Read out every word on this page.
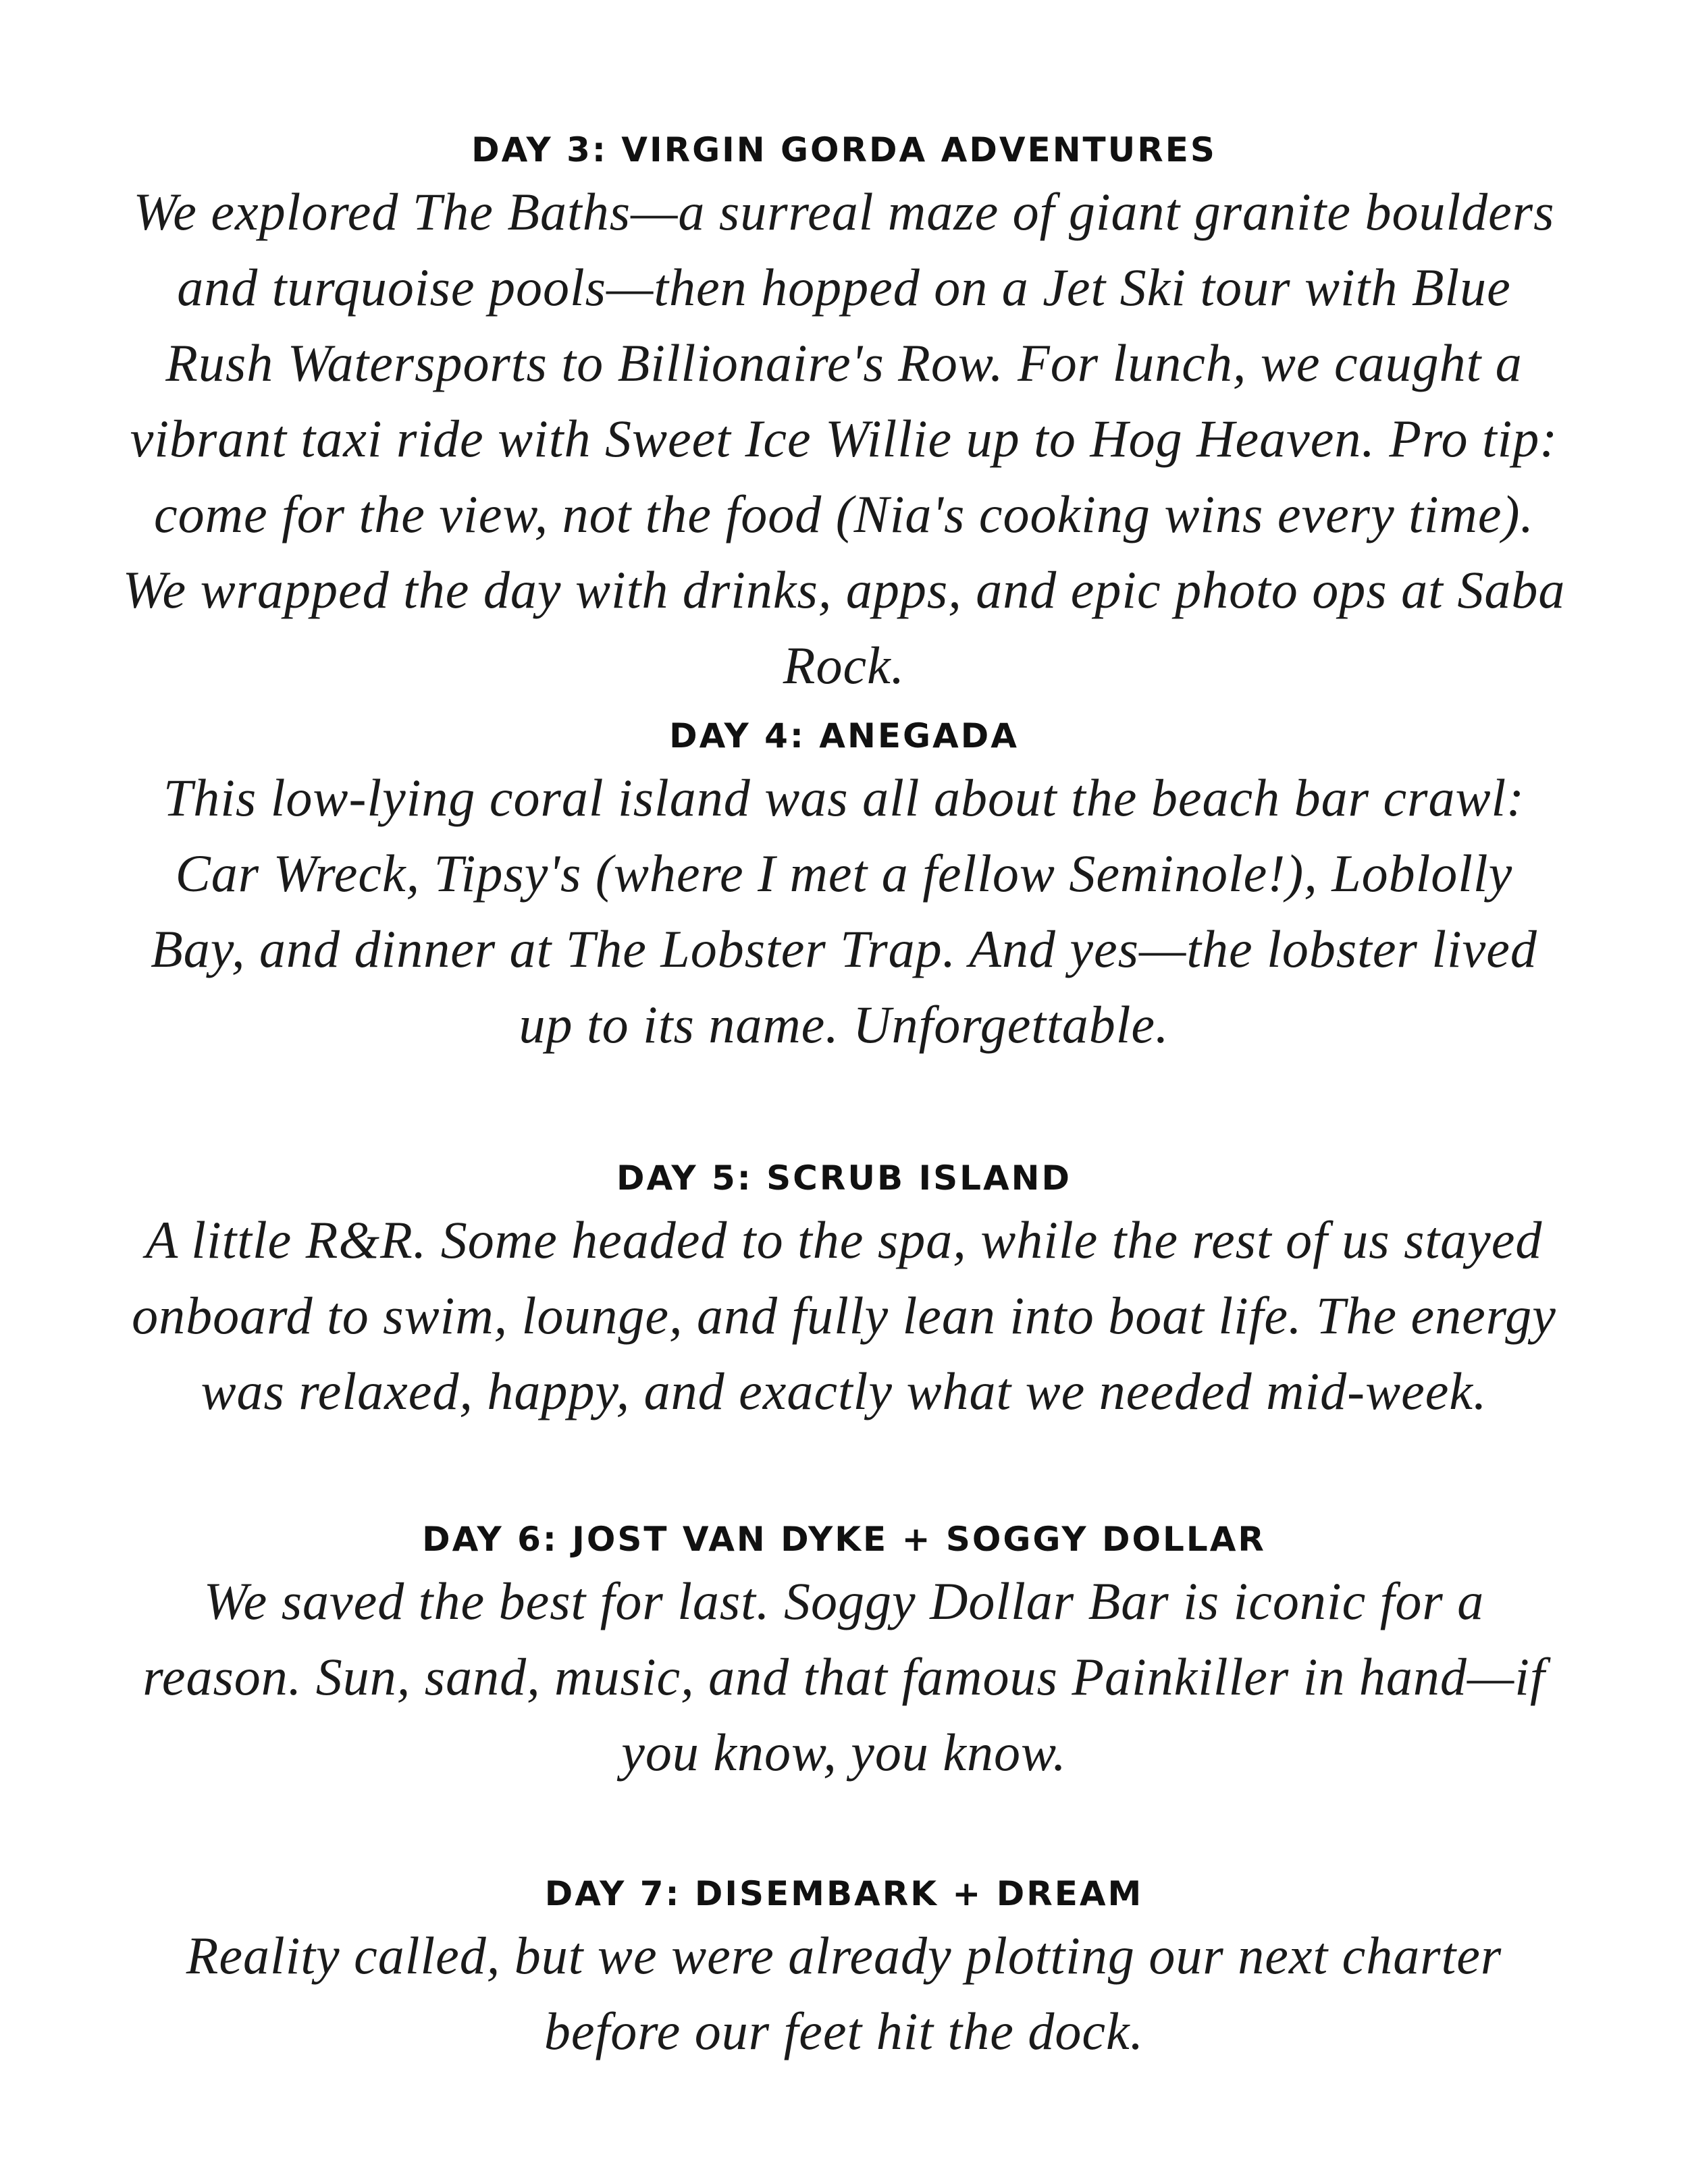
DAY 3: VIRGIN GORDA ADVENTURES

We explored The Baths—a surreal maze of giant granite boulders and turquoise pools—then hopped on a Jet Ski tour with Blue Rush Watersports to Billionaire's Row. For lunch, we caught a vibrant taxi ride with Sweet Ice Willie up to Hog Heaven. Pro tip: come for the view, not the food (Nia's cooking wins every time). We wrapped the day with drinks, apps, and epic photo ops at Saba Rock.

DAY 4: ANEGADA

This low-lying coral island was all about the beach bar crawl: Car Wreck, Tipsy's (where I met a fellow Seminole!), Loblolly Bay, and dinner at The Lobster Trap. And yes—the lobster lived up to its name. Unforgettable.

DAY 5: SCRUB ISLAND

A little R&R. Some headed to the spa, while the rest of us stayed onboard to swim, lounge, and fully lean into boat life. The energy was relaxed, happy, and exactly what we needed mid-week.

DAY 6: JOST VAN DYKE + SOGGY DOLLAR

We saved the best for last. Soggy Dollar Bar is iconic for a reason. Sun, sand, music, and that famous Painkiller in hand—if you know, you know.

DAY 7: DISEMBARK + DREAM

Reality called, but we were already plotting our next charter before our feet hit the dock.
